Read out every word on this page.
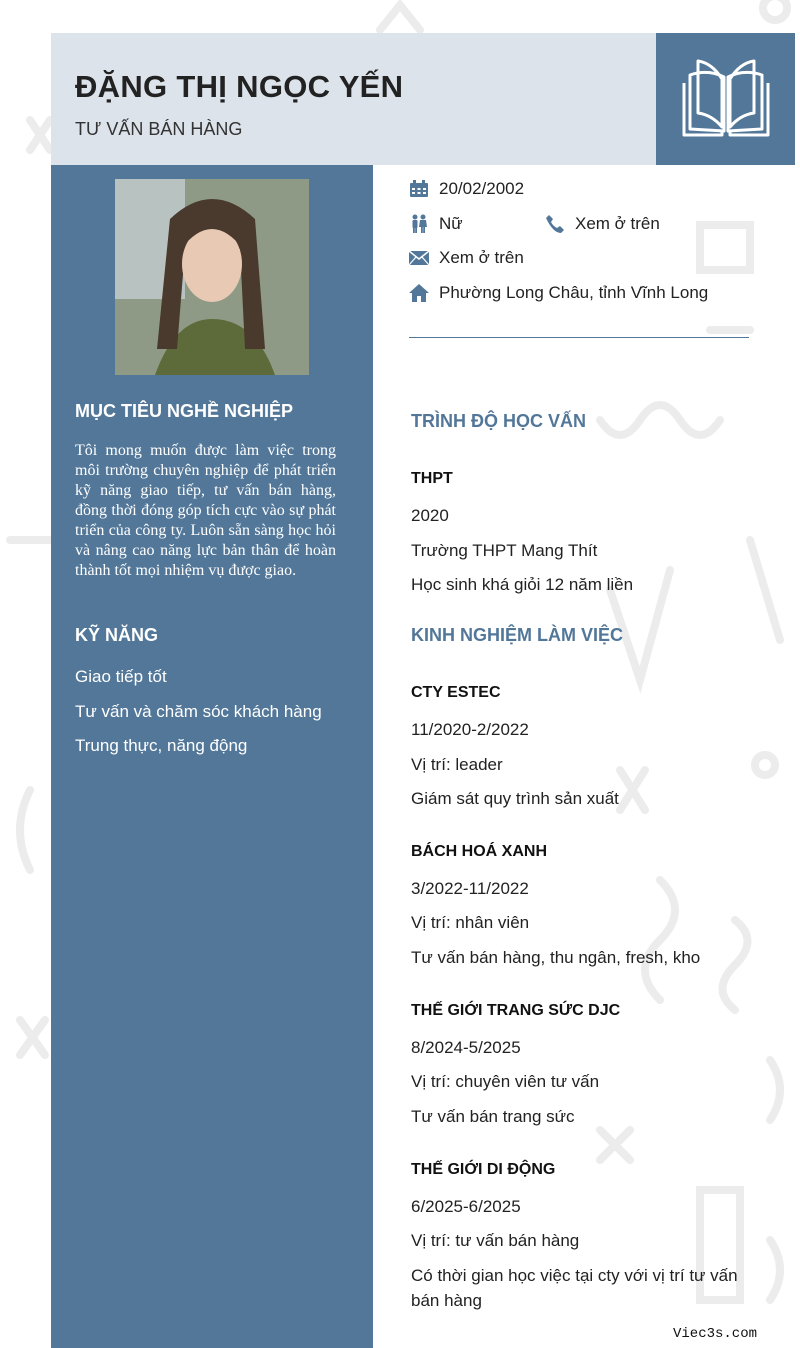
ĐẶNG THỊ NGỌC YẾN
TƯ VẤN BÁN HÀNG
MỤC TIÊU NGHỀ NGHIỆP
Tôi mong muốn được làm việc trong môi trường chuyên nghiệp để phát triển kỹ năng giao tiếp, tư vấn bán hàng, đồng thời đóng góp tích cực vào sự phát triển của công ty. Luôn sẵn sàng học hỏi và nâng cao năng lực bản thân để hoàn thành tốt mọi nhiệm vụ được giao.
KỸ NĂNG
Giao tiếp tốt
Tư vấn và chăm sóc khách hàng
Trung thực, năng động
20/02/2002
Nữ	Xem ở trên
Xem ở trên
Phường Long Châu, tỉnh Vĩnh Long
TRÌNH ĐỘ HỌC VẤN
THPT
2020
Trường THPT Mang Thít
Học sinh khá giỏi 12 năm liền
KINH NGHIỆM LÀM VIỆC
CTY ESTEC
11/2020-2/2022
Vị trí: leader
Giám sát quy trình sản xuất
BÁCH HOÁ XANH
3/2022-11/2022
Vị trí: nhân viên
Tư vấn bán hàng, thu ngân, fresh, kho
THẾ GIỚI TRANG SỨC DJC
8/2024-5/2025
Vị trí: chuyên viên tư vấn
Tư vấn bán trang sức
THẾ GIỚI DI ĐỘNG
6/2025-6/2025
Vị trí: tư vấn bán hàng
Có thời gian học việc tại cty với vị trí tư vấn bán hàng
Viec3s.com
